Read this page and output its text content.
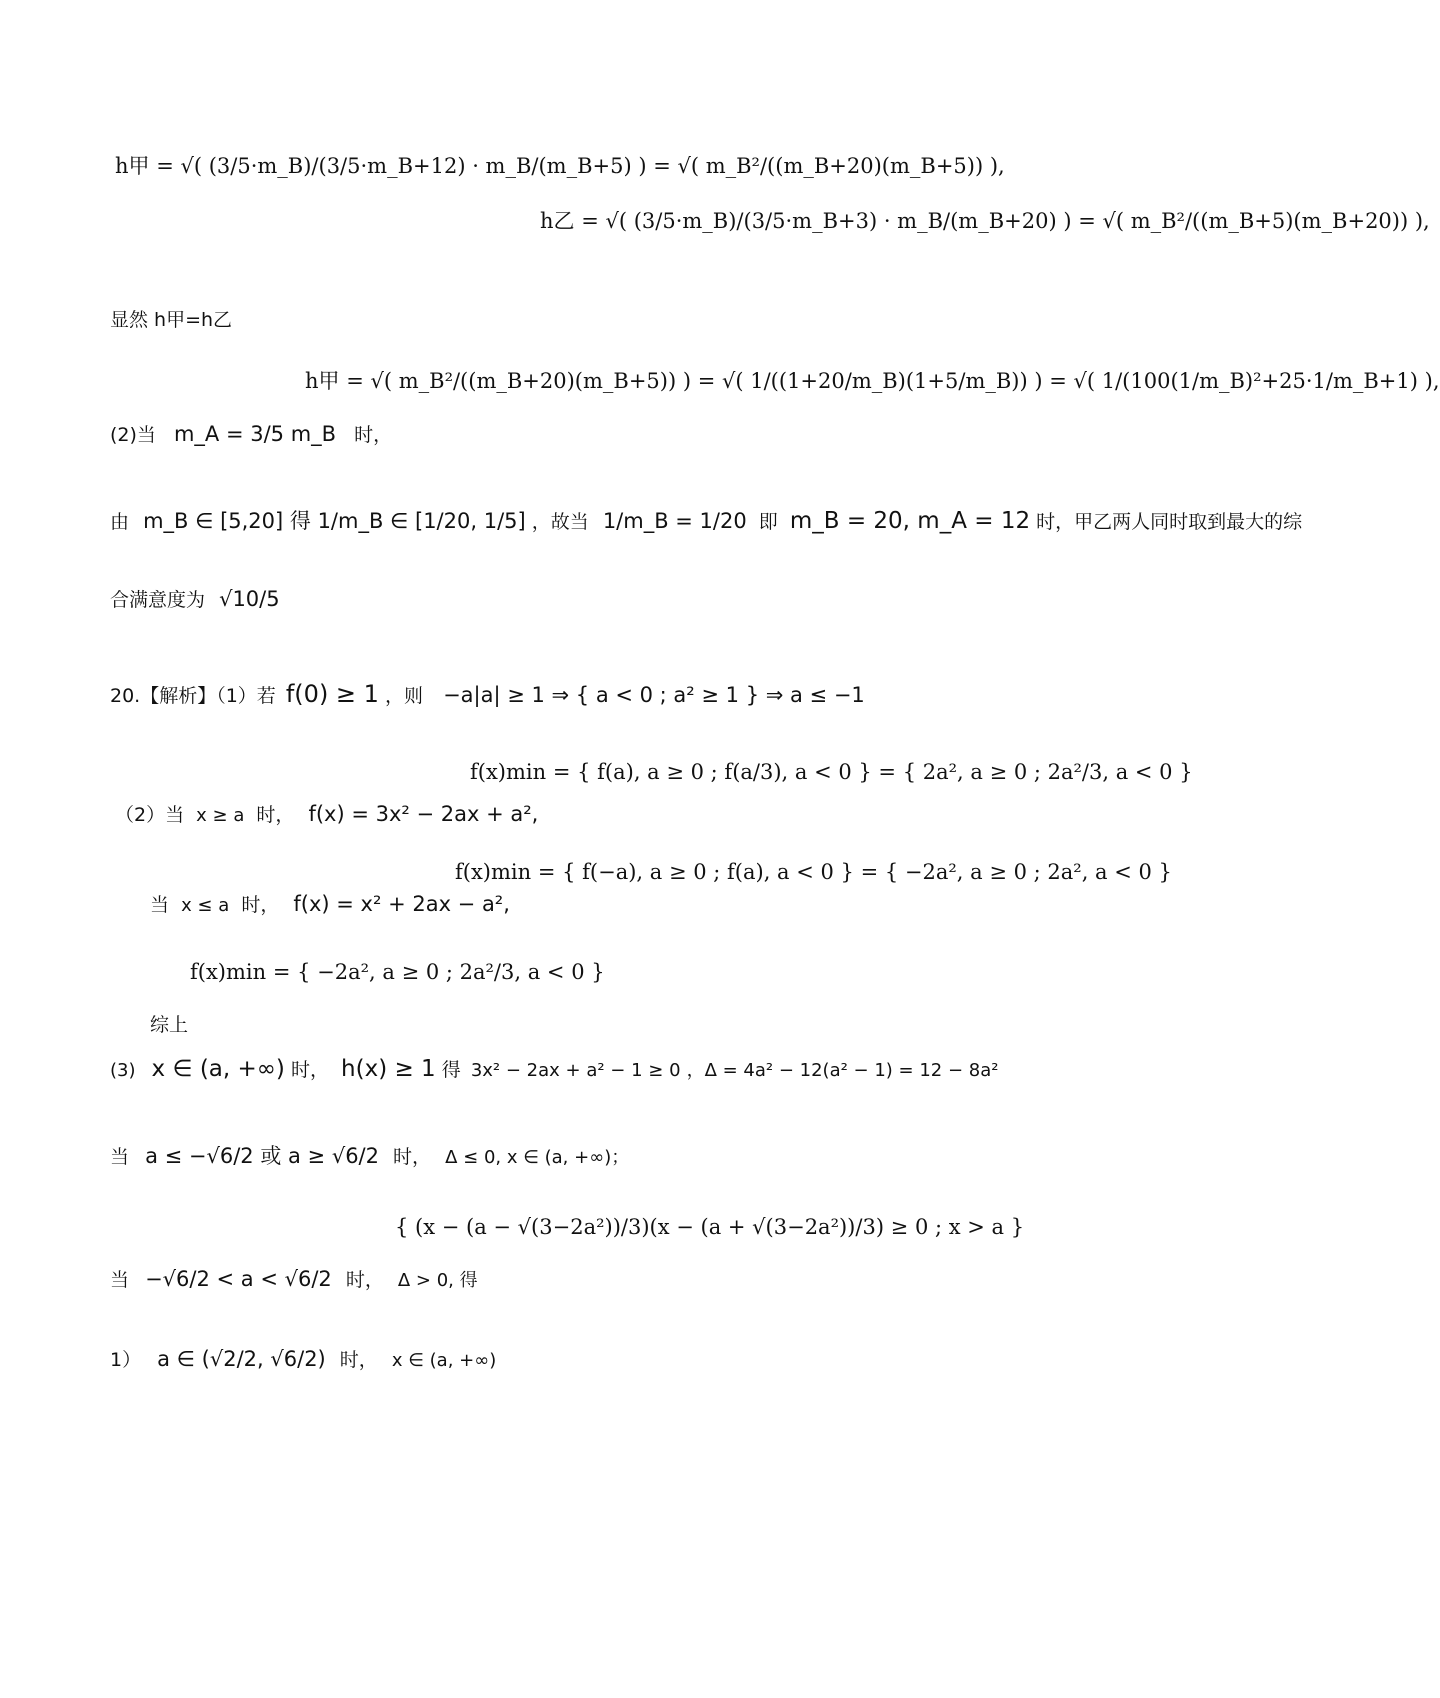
h甲 = √( (3/5·m_B)/(3/5·m_B+12) · m_B/(m_B+5) ) = √( m_B²/((m_B+20)(m_B+5)) ),
h乙 = √( (3/5·m_B)/(3/5·m_B+3) · m_B/(m_B+20) ) = √( m_B²/((m_B+5)(m_B+20)) ),
显然 h甲=h乙
h甲 = √( m_B²/((m_B+20)(m_B+5)) ) = √( 1/((1+20/m_B)(1+5/m_B)) ) = √( 1/(100(1/m_B)²+25·1/m_B+1) ),
(2)当 m_A = 3/5 m_B 时，
由 m_B ∈ [5,20] 得 1/m_B ∈ [1/20, 1/5] ，故当 1/m_B = 1/20 即 m_B = 20, m_A = 12 时，甲乙两人同时取到最大的综
合满意度为 √10/5
20.【解析】（1）若 f(0) ≥ 1 ，则 −a|a| ≥ 1 ⇒ { a < 0 ; a² ≥ 1 } ⇒ a ≤ −1
f(x)min = { f(a), a ≥ 0 ; f(a/3), a < 0 } = { 2a², a ≥ 0 ; 2a²/3, a < 0 }
（2）当 x ≥ a 时， f(x) = 3x² − 2ax + a²,
f(x)min = { f(−a), a ≥ 0 ; f(a), a < 0 } = { −2a², a ≥ 0 ; 2a², a < 0 }
当 x ≤ a 时， f(x) = x² + 2ax − a²,
f(x)min = { −2a², a ≥ 0 ; 2a²/3, a < 0 }
综上
(3) x ∈ (a, +∞) 时， h(x) ≥ 1 得 3x² − 2ax + a² − 1 ≥ 0 ，Δ = 4a² − 12(a² − 1) = 12 − 8a²
当 a ≤ −√6/2 或 a ≥ √6/2 时， Δ ≤ 0, x ∈ (a, +∞)；
{ (x − (a − √(3−2a²))/3)(x − (a + √(3−2a²))/3) ≥ 0 ; x > a }
当 −√6/2 < a < √6/2 时， Δ > 0, 得
1） a ∈ (√2/2, √6/2) 时， x ∈ (a, +∞)
